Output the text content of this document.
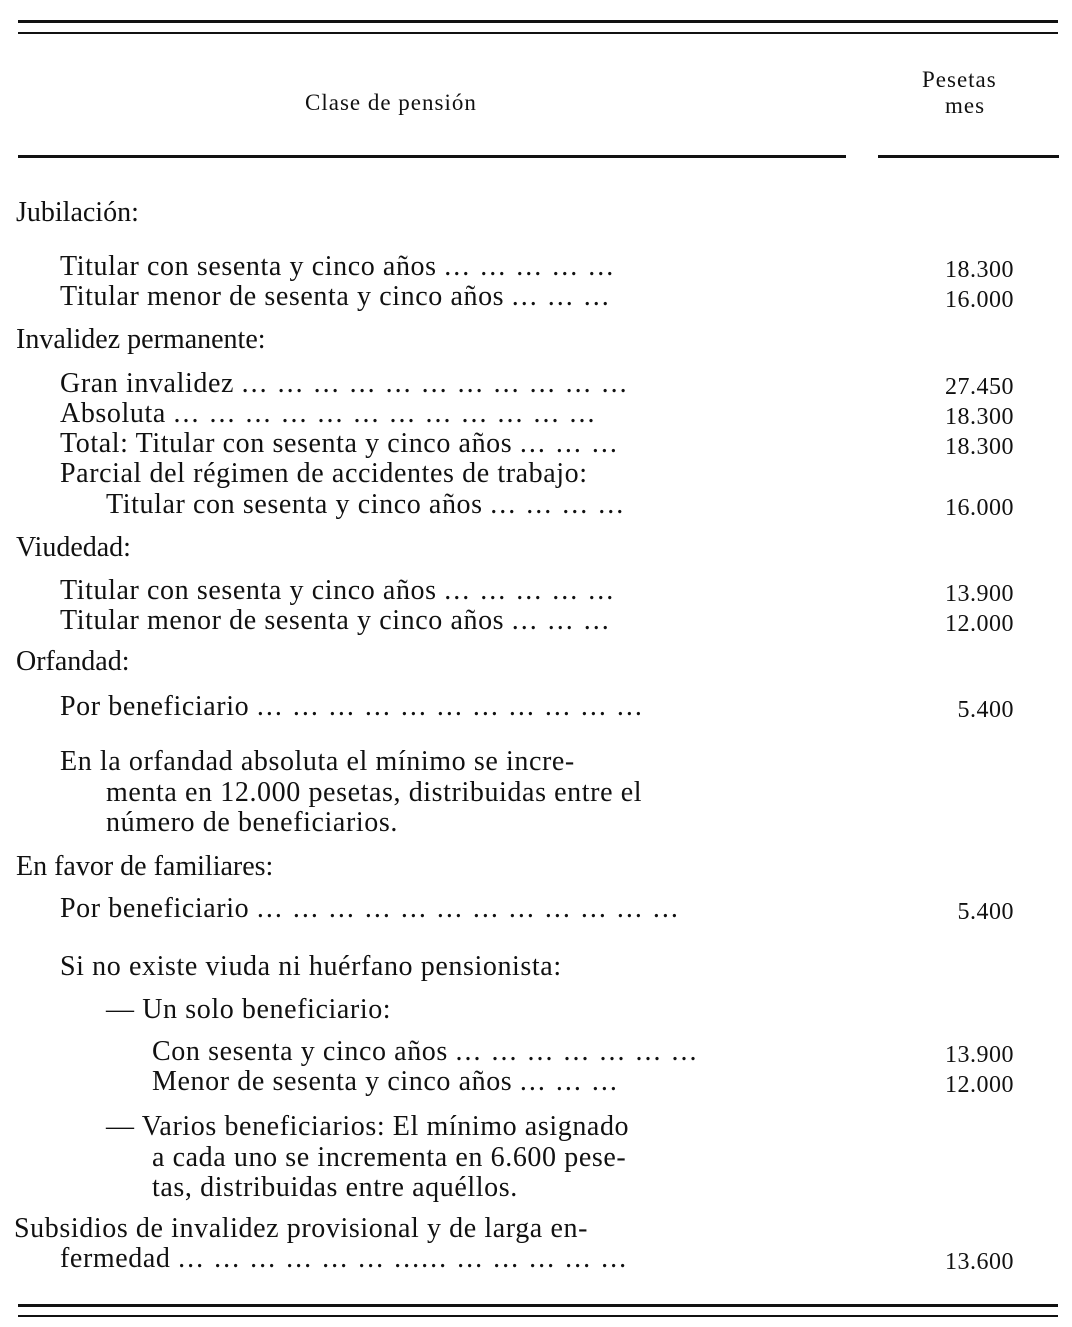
Clase de pensión
Pesetas
mes
Jubilación:
Titular con sesenta y cinco años ... ... ... ... ...	18.300
Titular menor de sesenta y cinco años ... ... ...	16.000
Invalidez permanente:
Gran invalidez ... ... ... ... ... ... ... ... ... ... ...	27.450
Absoluta ... ... ... ... ... ... ... ... ... ... ... ...	18.300
Total: Titular con sesenta y cinco años ... ... ...	18.300
Parcial del régimen de accidentes de trabajo:
Titular con sesenta y cinco años ... ... ... ...	16.000
Viudedad:
Titular con sesenta y cinco años ... ... ... ... ...	13.900
Titular menor de sesenta y cinco años ... ... ...	12.000
Orfandad:
Por beneficiario ... ... ... ... ... ... ... ... ... ... ...	5.400
En la orfandad absoluta el mínimo se incre-
menta en 12.000 pesetas, distribuidas entre el
número de beneficiarios.
En favor de familiares:
Por beneficiario ... ... ... ... ... ... ... ... ... ... ... ...	5.400
Si no existe viuda ni huérfano pensionista:
— Un solo beneficiario:
Con sesenta y cinco años ... ... ... ... ... ... ...	13.900
Menor de sesenta y cinco años ... ... ...	12.000
— Varios beneficiarios: El mínimo asignado
a cada uno se incrementa en 6.600 pese-
tas, distribuidas entre aquéllos.
Subsidios de invalidez provisional y de larga en-
fermedad ... ... ... ... ... ... ...... ... ... ... ... ...	13.600
